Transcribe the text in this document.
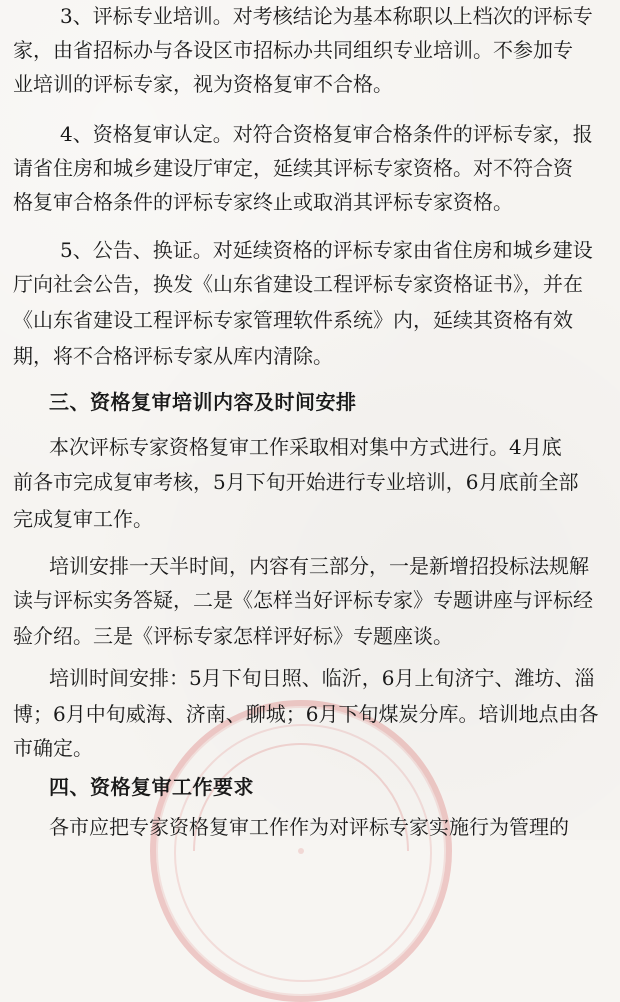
3、评标专业培训。对考核结论为基本称职以上档次的评标专
家，由省招标办与各设区市招标办共同组织专业培训。不参加专
业培训的评标专家，视为资格复审不合格。
4、资格复审认定。对符合资格复审合格条件的评标专家，报
请省住房和城乡建设厅审定，延续其评标专家资格。对不符合资
格复审合格条件的评标专家终止或取消其评标专家资格。
5、公告、换证。对延续资格的评标专家由省住房和城乡建设
厅向社会公告，换发《山东省建设工程评标专家资格证书》，并在
《山东省建设工程评标专家管理软件系统》内，延续其资格有效
期，将不合格评标专家从库内清除。
三、资格复审培训内容及时间安排
本次评标专家资格复审工作采取相对集中方式进行。4月底
前各市完成复审考核，5月下旬开始进行专业培训，6月底前全部
完成复审工作。
培训安排一天半时间，内容有三部分，一是新增招投标法规解
读与评标实务答疑，二是《怎样当好评标专家》专题讲座与评标经
验介绍。三是《评标专家怎样评好标》专题座谈。
培训时间安排：5月下旬日照、临沂，6月上旬济宁、潍坊、淄
博；6月中旬威海、济南、聊城；6月下旬煤炭分库。培训地点由各
市确定。
四、资格复审工作要求
各市应把专家资格复审工作作为对评标专家实施行为管理的
